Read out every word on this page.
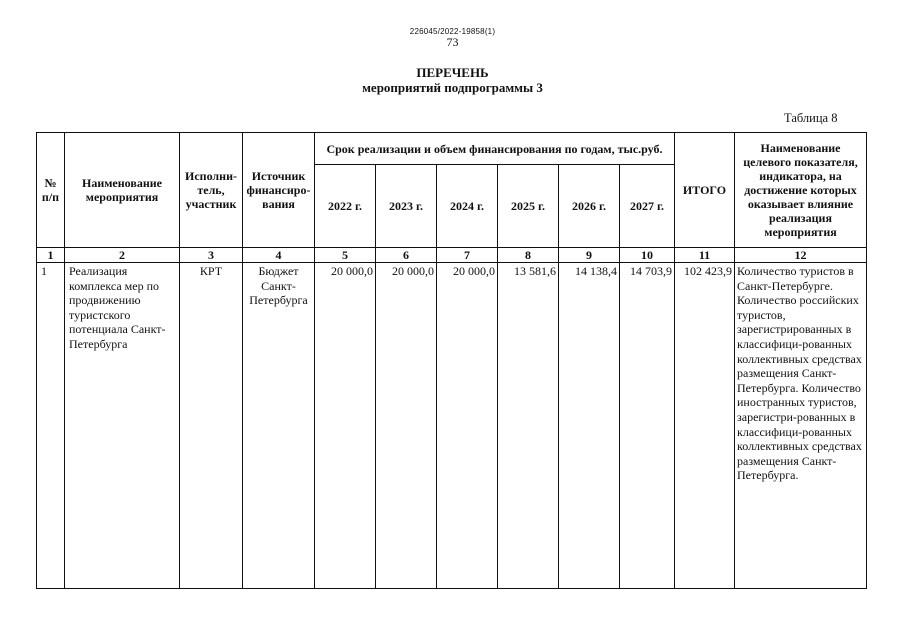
226045/2022-19858(1)
73
ПЕРЕЧЕНЬ
мероприятий подпрограммы 3
Таблица 8
№ п/п	Наименование мероприятия	Исполни-тель, участник	Источник финансиро-вания	Срок реализации и объем финансирования по годам, тыс.руб.						ИТОГО	Наименование целевого показателя, индикатора, на достижение которых оказывает влияние реализация мероприятия
				2022 г.	2023 г.	2024 г.	2025 г.	2026 г.	2027 г.		
1	2	3	4	5	6	7	8	9	10	11	12
1	Реализация комплекса мер по продвижению туристского потенциала Санкт-Петербурга	КРТ	Бюджет Санкт-Петербурга	20 000,0	20 000,0	20 000,0	13 581,6	14 138,4	14 703,9	102 423,9	Количество туристов в Санкт-Петербурге. Количество российских туристов, зарегистрированных в классифици-рованных коллективных средствах размещения Санкт-Петербурга. Количество иностранных туристов, зарегистри-рованных в классифици-рованных коллективных средствах размещения Санкт-Петербурга.
